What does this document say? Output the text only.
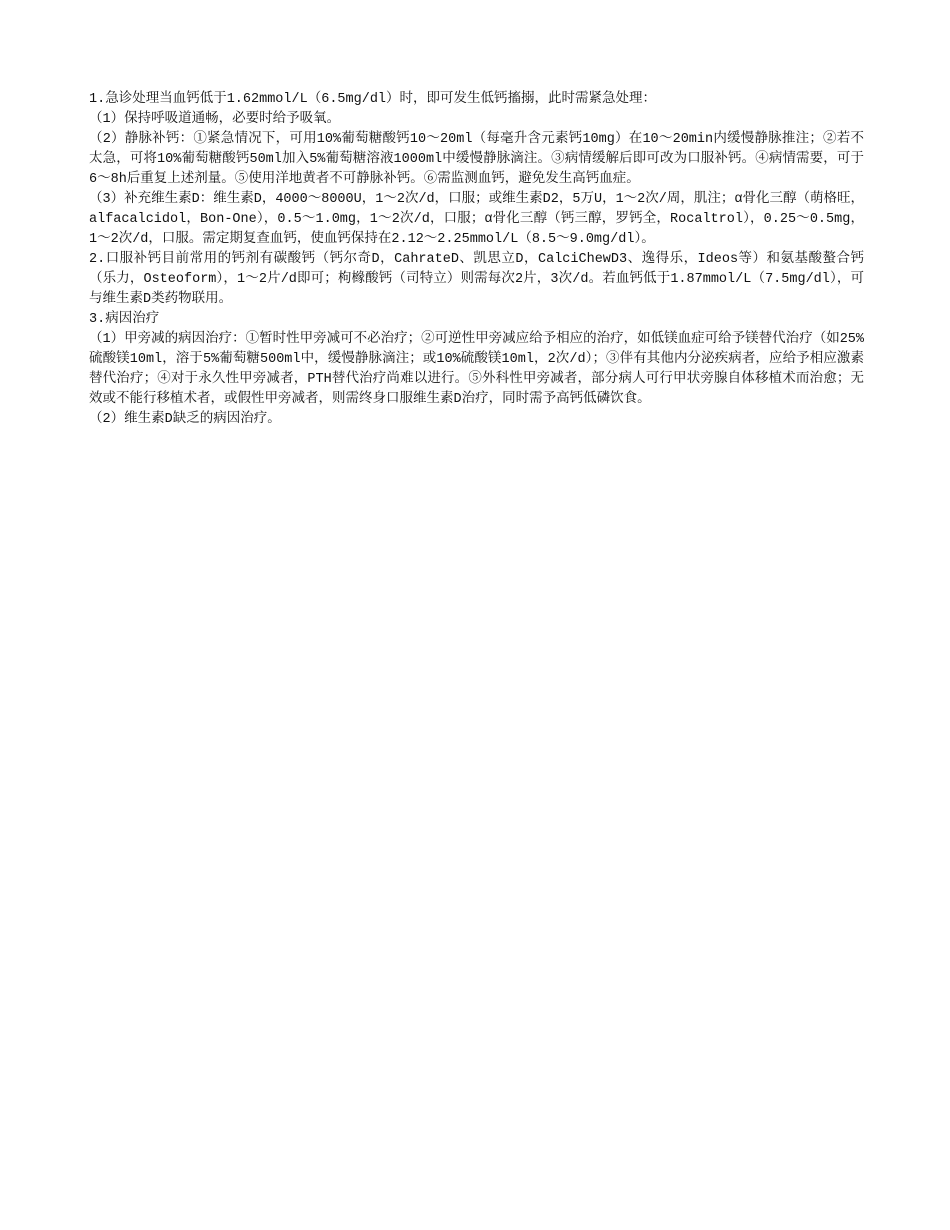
1.急诊处理当血钙低于1.62mmol/L（6.5mg/dl）时，即可发生低钙搐搦，此时需紧急处理：

（1）保持呼吸道通畅，必要时给予吸氧。

（2）静脉补钙：①紧急情况下，可用10%葡萄糖酸钙10～20ml（每毫升含元素钙10mg）在10～20min内缓慢静脉推注；②若不太急，可将10%葡萄糖酸钙50ml加入5%葡萄糖溶液1000ml中缓慢静脉滴注。③病情缓解后即可改为口服补钙。④病情需要，可于6～8h后重复上述剂量。⑤使用洋地黄者不可静脉补钙。⑥需监测血钙，避免发生高钙血症。

（3）补充维生素D：维生素D，4000～8000U，1～2次/d，口服；或维生素D2，5万U，1～2次/周，肌注；α骨化三醇（萌格旺，alfacalcidol，Bon-One），0.5～1.0mg，1～2次/d，口服；α骨化三醇（钙三醇，罗钙全，Rocaltrol），0.25～0.5mg，1～2次/d，口服。需定期复查血钙，使血钙保持在2.12～2.25mmol/L（8.5～9.0mg/dl）。

2.口服补钙目前常用的钙剂有碳酸钙（钙尔奇D，CahrateD、凯思立D，CalciChewD3、逸得乐，Ideos等）和氨基酸螯合钙（乐力，Osteoform），1～2片/d即可；枸橼酸钙（司特立）则需每次2片，3次/d。若血钙低于1.87mmol/L（7.5mg/dl），可与维生素D类药物联用。

3.病因治疗

（1）甲旁减的病因治疗：①暂时性甲旁减可不必治疗；②可逆性甲旁减应给予相应的治疗，如低镁血症可给予镁替代治疗（如25%硫酸镁10ml，溶于5%葡萄糖500ml中，缓慢静脉滴注；或10%硫酸镁10ml，2次/d）；③伴有其他内分泌疾病者，应给予相应激素替代治疗；④对于永久性甲旁减者，PTH替代治疗尚难以进行。⑤外科性甲旁减者，部分病人可行甲状旁腺自体移植术而治愈；无效或不能行移植术者，或假性甲旁减者，则需终身口服维生素D治疗，同时需予高钙低磷饮食。

（2）维生素D缺乏的病因治疗。
